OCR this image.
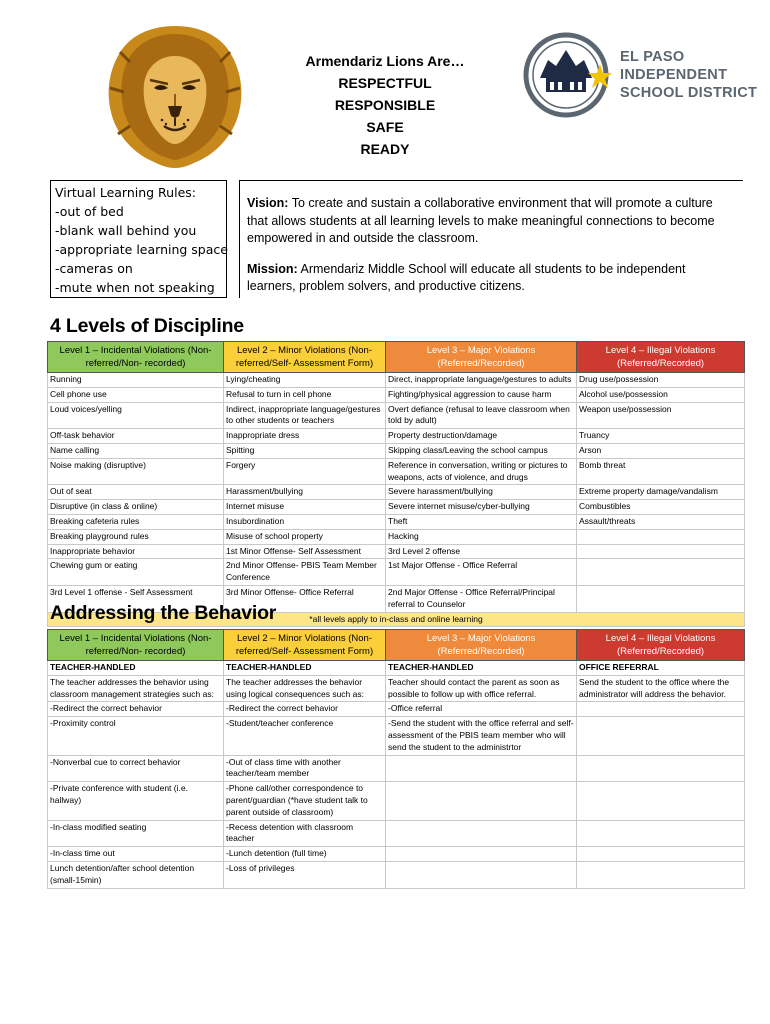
EL PASO
INDEPENDENT
SCHOOL DISTRICT
Armendariz Lions Are…
RESPECTFUL
RESPONSIBLE
SAFE
READY
Virtual Learning Rules:
-out of bed
-blank wall behind you
-appropriate learning space
-cameras on
-mute when not speaking

Vision: To create and sustain a collaborative environment that will promote a culture that allows students at all learning levels to make meaningful connections to become empowered in and outside the classroom.

Mission: Armendariz Middle School will educate all students to be independent learners, problem solvers, and productive citizens.

4 Levels of Discipline
Level 1 – Incidental Violations (Non-referred/Non- recorded)	Level 2 – Minor Violations (Non-referred/Self- Assessment Form)	Level 3 – Major Violations (Referred/Recorded)	Level 4 – Illegal Violations (Referred/Recorded)
Running	Lying/cheating	Direct, inappropriate language/gestures to adults	Drug use/possession
Cell phone use	Refusal to turn in cell phone	Fighting/physical aggression to cause harm	Alcohol use/possession
Loud voices/yelling	Indirect, inappropriate language/gestures to other students or teachers	Overt defiance (refusal to leave classroom when told by adult)	Weapon use/possession
Off-task behavior	Inappropriate dress	Property destruction/damage	Truancy
Name calling	Spitting	Skipping class/Leaving the school campus	Arson
Noise making (disruptive)	Forgery	Reference in conversation, writing or pictures to weapons, acts of violence, and drugs	Bomb threat
Out of seat	Harassment/bullying	Severe harassment/bullying	Extreme property damage/vandalism
Disruptive (in class & online)	Internet misuse	Severe internet misuse/cyber-bullying	Combustibles
Breaking cafeteria rules	Insubordination	Theft	Assault/threats
Breaking playground rules	Misuse of school property	Hacking	
Inappropriate behavior	1st Minor Offense- Self Assessment	3rd Level 2 offense	
Chewing gum or eating	2nd Minor Offense- PBIS Team Member Conference	1st Major Offense - Office Referral	
3rd Level 1 offense - Self Assessment	3rd Minor Offense- Office Referral	2nd Major Offense - Office Referral/Principal referral to Counselor	
*all levels apply to in-class and online learning			
Addressing the Behavior
Level 1 – Incidental Violations (Non-referred/Non- recorded)	Level 2 – Minor Violations (Non-referred/Self- Assessment Form)	Level 3 – Major Violations (Referred/Recorded)	Level 4 – Illegal Violations (Referred/Recorded)
TEACHER-HANDLED	TEACHER-HANDLED	TEACHER-HANDLED	OFFICE REFERRAL
The teacher addresses the behavior using classroom management strategies such as:	The teacher addresses the behavior using logical consequences such as:	Teacher should contact the parent as soon as possible to follow up with office referral.	Send the student to the office where the administrator will address the behavior.
-Redirect the correct behavior	-Redirect the correct behavior	-Office referral	
-Proximity control	-Student/teacher conference	-Send the student with the office referral and self-assessment of the PBIS team member who will send the student to the administrtor	
-Nonverbal cue to correct behavior	-Out of class time with another teacher/team member		
-Private conference with student (i.e. hallway)	-Phone call/other correspondence to parent/guardian (*have student talk to parent outside of classroom)		
-In-class modified seating	-Recess detention with classroom teacher		
-In-class time out	-Lunch detention (full time)		
Lunch detention/after school detention (small-15min)	-Loss of privileges		
